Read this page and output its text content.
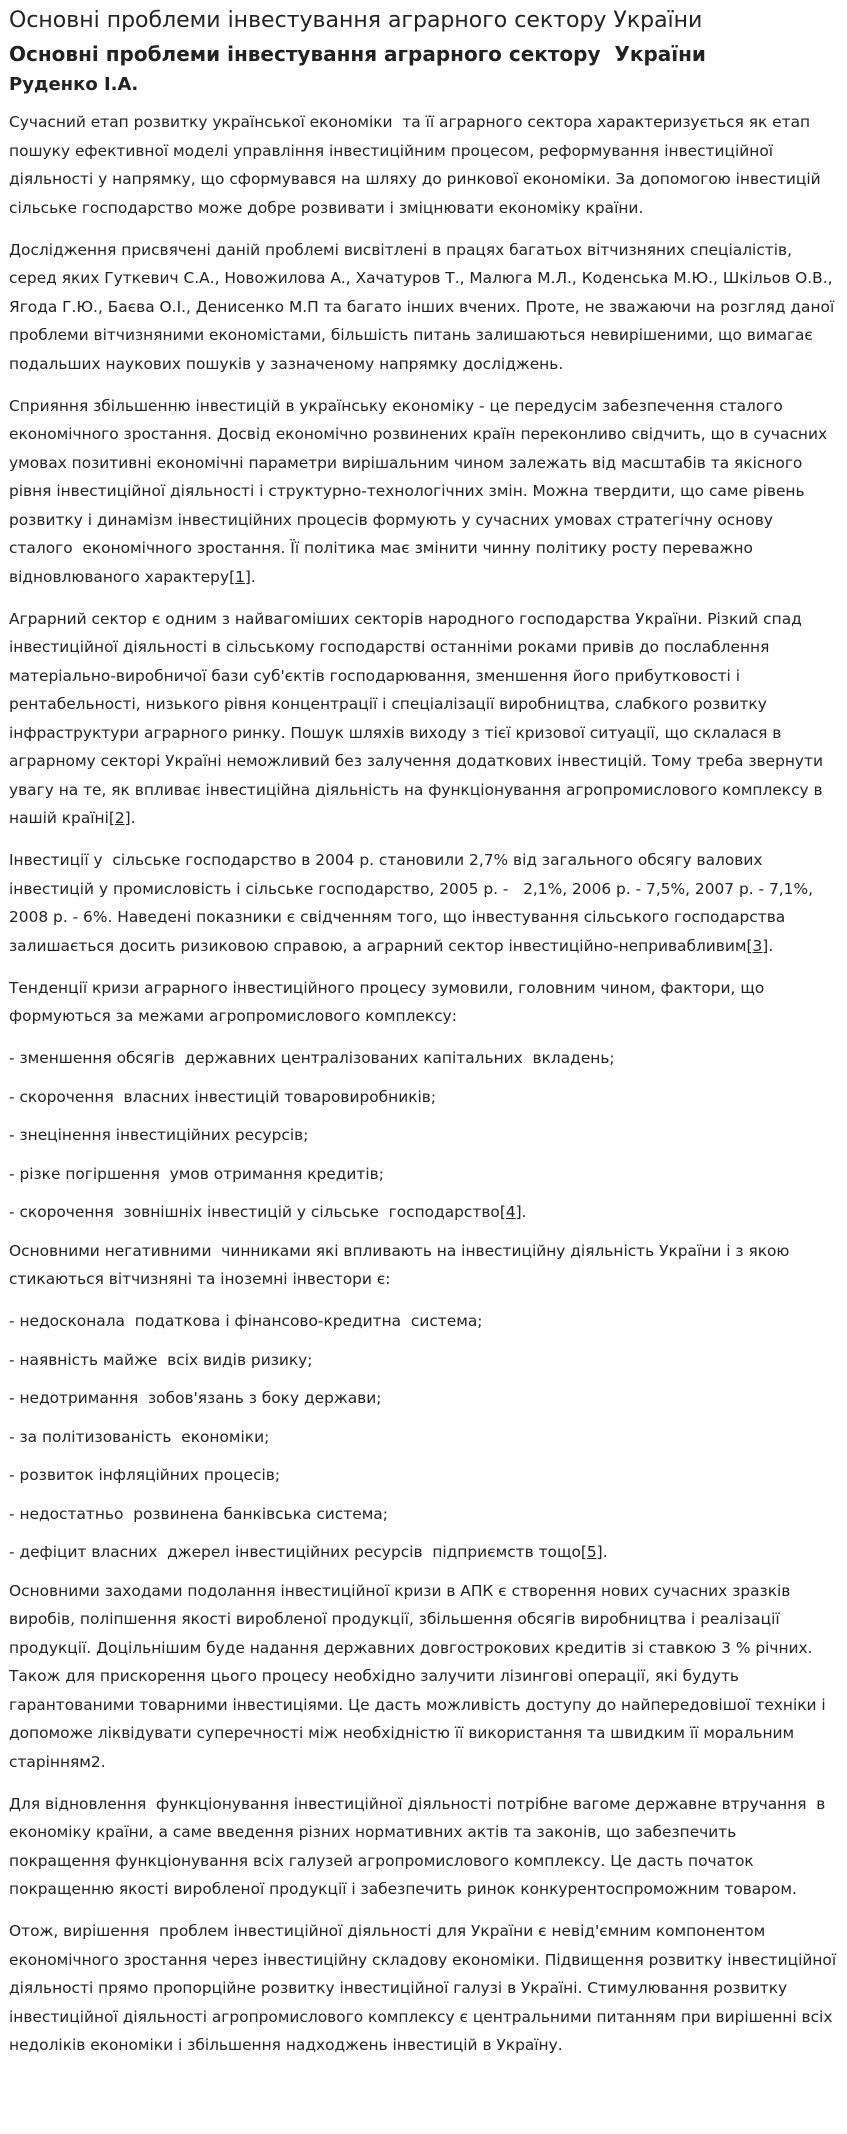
Основні проблеми інвестування аграрного сектору України
Основні проблеми інвестування аграрного сектору  України
Руденко І.А.

Сучасний етап розвитку української економіки  та її аграрного сектора характеризується як етап пошуку ефективної моделі управління інвестиційним процесом, реформування інвестиційної діяльності у напрямку, що сформувався на шляху до ринкової економіки. За допомогою інвестицій сільське господарство може добре розвивати і зміцнювати економіку країни.

Дослідження присвячені даній проблемі висвітлені в працях багатьох вітчизняних спеціалістів, серед яких Гуткевич С.А., Новожилова А., Хачатуров Т., Малюга М.Л., Коденська М.Ю., Шкільов О.В., Ягода Г.Ю., Баєва О.І., Денисенко М.П та багато інших вчених. Проте, не зважаючи на розгляд даної проблеми вітчизняними економістами, більшість питань залишаються невирішеними, що вимагає подальших наукових пошуків у зазначеному напрямку досліджень.

Сприяння збільшенню інвестицій в українську економіку - це передусім забезпечення сталого економічного зростання. Досвід економічно розвинених країн переконливо свідчить, що в сучасних умовах позитивні економічні параметри вирішальним чином залежать від масштабів та якісного рівня інвестиційної діяльності і структурно-технологічних змін. Можна твердити, що саме рівень розвитку і динамізм інвестиційних процесів формують у сучасних умовах стратегічну основу сталого  економічного зростання. Її політика має змінити чинну політику росту переважно відновлюваного характеру[1].

Аграрний сектор є одним з найвагоміших секторів народного господарства України. Різкий спад інвестиційної діяльності в сільському господарстві останніми роками привів до послаблення матеріально-виробничої бази суб'єктів господарювання, зменшення його прибутковості і рентабельності, низького рівня концентрації і спеціалізації виробництва, слабкого розвитку інфраструктури аграрного ринку. Пошук шляхів виходу з тієї кризової ситуації, що склалася в аграрному секторі Україні неможливий без залучення додаткових інвестицій. Тому треба звернути увагу на те, як впливає інвестиційна діяльність на функціонування агропромислового комплексу в нашій країні[2].

Інвестиції у  сільське господарство в 2004 р. становили 2,7% від загального обсягу валових інвестицій у промисловість і сільське господарство, 2005 р. -   2,1%, 2006 р. - 7,5%, 2007 р. - 7,1%, 2008 р. - 6%. Наведені показники є свідченням того, що інвестування сільського господарства залишається досить ризиковою справою, а аграрний сектор інвестиційно-непривабливим[3].

Тенденції кризи аграрного інвестиційного процесу зумовили, головним чином, фактори, що формуються за межами агропромислового комплексу:

- зменшення обсягів  державних централізованих капітальних  вкладень;

- скорочення  власних інвестицій товаровиробників;

- знецінення інвестиційних ресурсів;

- різке погіршення  умов отримання кредитів;

- скорочення  зовнішніх інвестицій у сільське  господарство[4].

Основними негативними  чинниками які впливають на інвестиційну діяльність України і з якою стикаються вітчизняні та іноземні інвестори є:

- недосконала  податкова і фінансово-кредитна  система;

- наявність майже  всіх видів ризику;

- недотримання  зобов'язань з боку держави;

- за політизованість  економіки;

- розвиток інфляційних процесів;

- недостатньо  розвинена банківська система;

- дефіцит власних  джерел інвестиційних ресурсів  підприємств тощо[5].

Основними заходами подолання інвестиційної кризи в АПК є створення нових сучасних зразків виробів, поліпшення якості виробленої продукції, збільшення обсягів виробництва і реалізації продукції. Доцільнішим буде надання державних довгострокових кредитів зі ставкою 3 % річних. Також для прискорення цього процесу необхідно залучити лізингові операції, які будуть гарантованими товарними інвестиціями. Це дасть можливість доступу до найпередовішої техніки і допоможе ліквідувати суперечності між необхідністю її використання та швидким її моральним старінням2.

Для відновлення  функціонування інвестиційної діяльності потрібне вагоме державне втручання  в економіку країни, а саме введення різних нормативних актів та законів, що забезпечить покращення функціонування всіх галузей агропромислового комплексу. Це дасть початок покращенню якості виробленої продукції і забезпечить ринок конкурентоспроможним товаром.

Отож, вирішення  проблем інвестиційної діяльності для України є невід'ємним компонентом економічного зростання через інвестиційну складову економіки. Підвищення розвитку інвестиційної діяльності прямо пропорційне розвитку інвестиційної галузі в Україні. Стимулювання розвитку інвестиційної діяльності агропромислового комплексу є центральними питанням при вирішенні всіх недоліків економіки і збільшення надходжень інвестицій в Україну.
